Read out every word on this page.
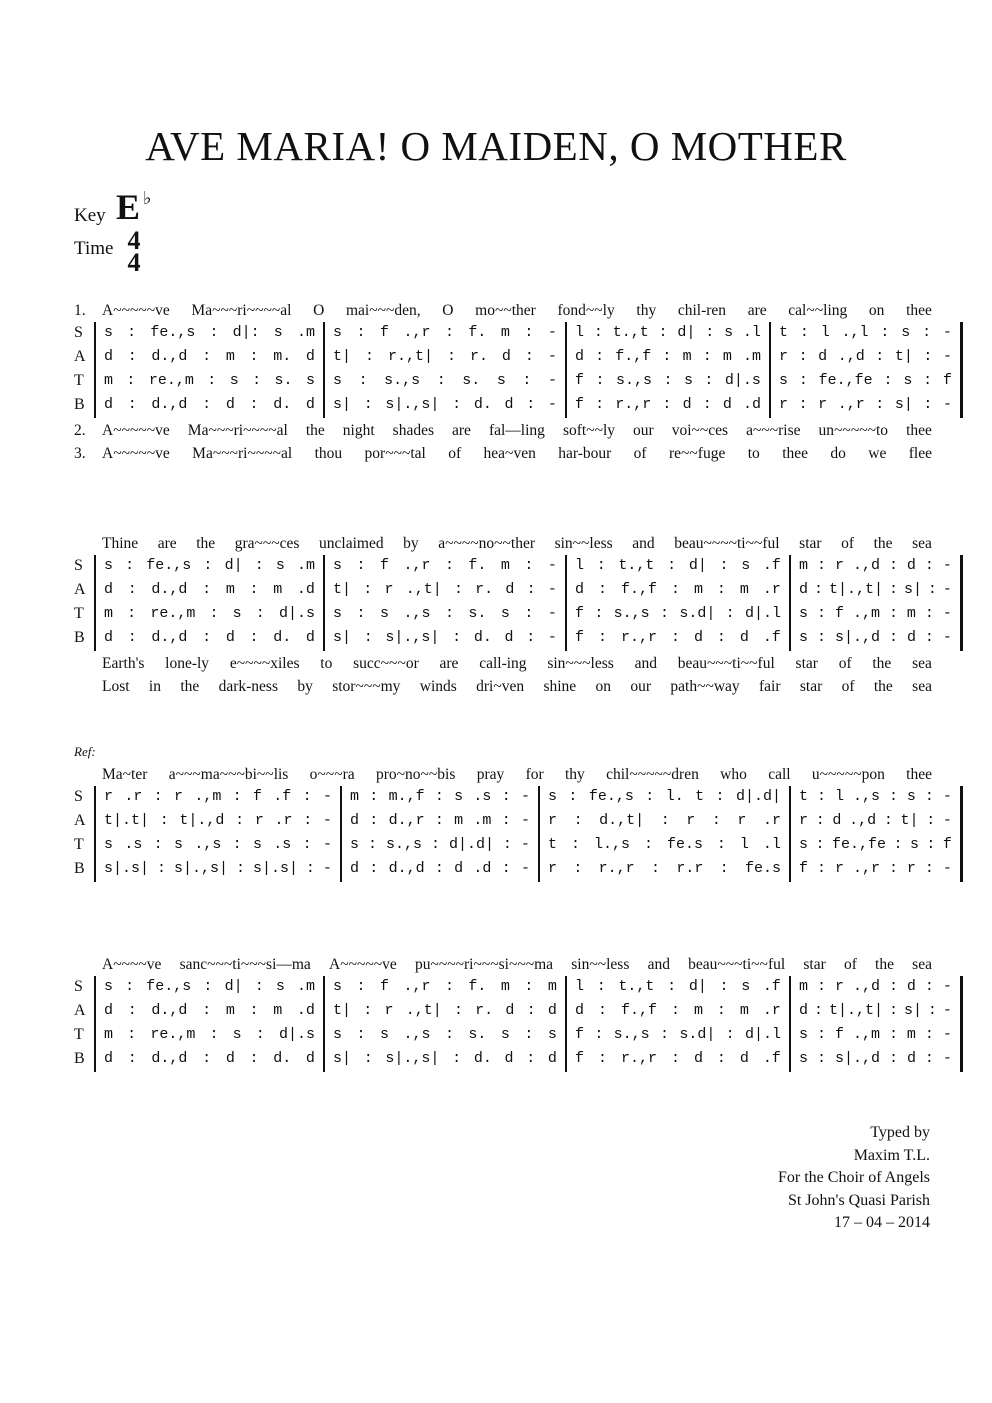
AVE MARIA! O MAIDEN, O MOTHER
Key E ♭
Time 4
4
Ref:
1. A~~~~~ve Ma~~~ri~~~~al O mai~~~den, O mo~~ther fond~~ly thy chil-ren are cal~~ling on thee
S	s : fe.,s : d|: s .m s : f .,r : f. m : - l : t.,t : d| : s .l t : l .,l : s : -
A d : d.,d : m : m. d t| : r.,t| : r. d : - d : f.,f : m : m .m r : d .,d : t| : -
T m : re.,m : s : s. s s : s.,s : s. s : - f : s.,s : s : d|.s s : fe.,fe : s : f
B d : d.,d : d : d. d s| : s|.,s| : d. d : - f : r.,r : d : d .d r : r .,r : s| : -
2. A~~~~~ve Ma~~~ri~~~~al the night shades are fal—ling soft~~ly our voi~~ces a~~~rise un~~~~~to thee
3. A~~~~~ve Ma~~~ri~~~~al thou por~~~tal of hea~ven har-bour of re~~fuge to thee do we flee
Thine are the gra~~~ces unclaimed by a~~~~no~~ther sin~~less and beau~~~~ti~~ful star of the sea
S	s : fe.,s : d| : s .m s : f .,r : f. m : - l : t.,t : d| : s .f m : r .,d : d : -
A d : d.,d : m : m .d t| : r .,t| : r. d : - d : f.,f : m : m .r d : t|.,t| : s| : -
T m : re.,m : s : d|.s s : s .,s : s. s : - f : s.,s : s.d| : d|.l s : f .,m : m : -
B d : d.,d : d : d. d s| : s|.,s| : d. d : - f : r.,r : d : d .f s : s|.,d : d : -
Earth's lone-ly e~~~~xiles to succ~~~or are call-ing sin~~~less and beau~~~ti~~ful star of the sea
Lost in the dark-ness by stor~~~my winds dri~ven shine on our path~~way fair star of the sea
Ma~ter a~~~ma~~~bi~~lis o~~~ra pro~no~~bis pray for thy chil~~~~~dren who call u~~~~~pon thee
S	r .r : r .,m : f .f : - m : m.,f : s .s : - s : fe.,s : l. t : d|.d| t : l .,s : s : -
A t|.t| : t|.,d : r .r : - d : d.,r : m .m : - r : d.,t| : r : r .r r : d .,d : t| : -
T s .s : s .,s : s .s : - s : s.,s : d|.d| : - t : l.,s : fe.s : l .l s : fe.,fe : s : f
B s|.s| : s|.,s| : s|.s| : - d : d.,d : d .d : - r : r.,r : r.r : fe.s f : r .,r : r : -
A~~~~ve sanc~~~ti~~~si—ma A~~~~~ve pu~~~~ri~~~si~~~ma sin~~less and beau~~~ti~~ful star of the sea
S	s : fe.,s : d| : s .m s : f .,r : f. m : m l : t.,t : d| : s .f m : r .,d : d : -
A d : d.,d : m : m .d t| : r .,t| : r. d : d d : f.,f : m : m .r d : t|.,t| : s| : -
T m : re.,m : s : d|.s s : s .,s : s. s : s f : s.,s : s.d| : d|.l s : f .,m : m : -
B d : d.,d : d : d. d s| : s|.,s| : d. d : d f : r.,r : d : d .f s : s|.,d : d : -
Typed by
Maxim T.L.
For the Choir of Angels
St John's Quasi Parish
17 – 04 – 2014
